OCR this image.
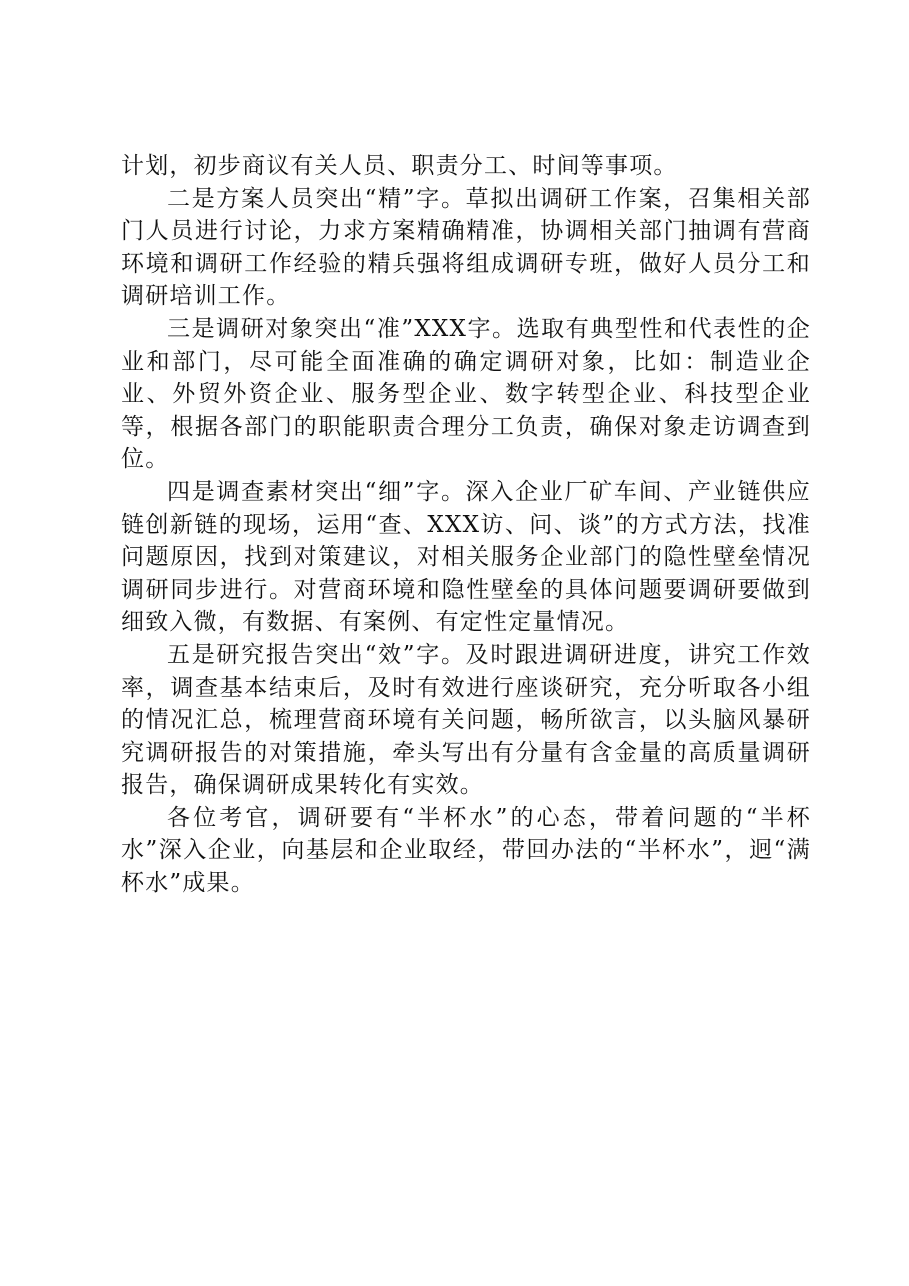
计划，初步商议有关人员、职责分工、时间等事项。

二是方案人员突出“精”字。草拟出调研工作案，召集相关部门人员进行讨论，力求方案精确精准，协调相关部门抽调有营商环境和调研工作经验的精兵强将组成调研专班，做好人员分工和调研培训工作。

三是调研对象突出“准”XXX字。选取有典型性和代表性的企业和部门，尽可能全面准确的确定调研对象，比如：制造业企业、外贸外资企业、服务型企业、数字转型企业、科技型企业等，根据各部门的职能职责合理分工负责，确保对象走访调查到位。

四是调查素材突出“细”字。深入企业厂矿车间、产业链供应链创新链的现场，运用“查、XXX访、问、谈”的方式方法，找准问题原因，找到对策建议，对相关服务企业部门的隐性壁垒情况调研同步进行。对营商环境和隐性壁垒的具体问题要调研要做到细致入微，有数据、有案例、有定性定量情况。

五是研究报告突出“效”字。及时跟进调研进度，讲究工作效率，调查基本结束后，及时有效进行座谈研究，充分听取各小组的情况汇总，梳理营商环境有关问题，畅所欲言，以头脑风暴研究调研报告的对策措施，牵头写出有分量有含金量的高质量调研报告，确保调研成果转化有实效。

各位考官，调研要有“半杯水”的心态，带着问题的“半杯水”深入企业，向基层和企业取经，带回办法的“半杯水”，迥“满杯水”成果。
